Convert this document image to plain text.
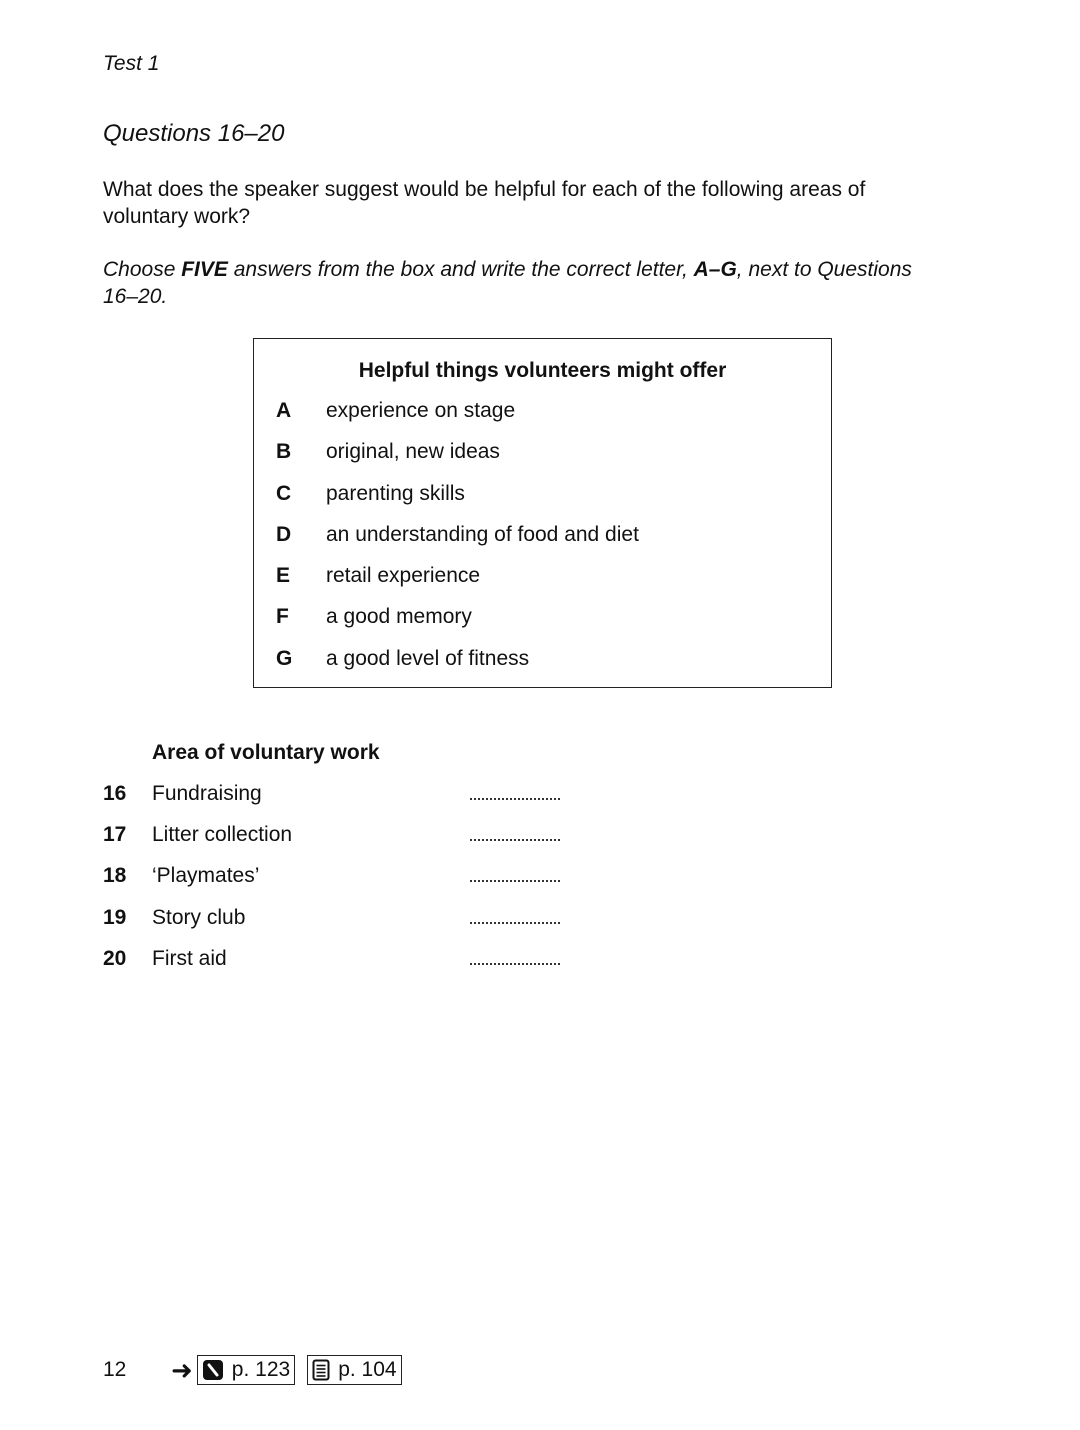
Test 1

Questions 16–20

What does the speaker suggest would be helpful for each of the following areas of voluntary work?

Choose FIVE answers from the box and write the correct letter, A–G, next to Questions 16–20.

Helpful things volunteers might offer

A	experience on stage
B	original, new ideas
C	parenting skills
D	an understanding of food and diet
E	retail experience
F	a good memory
G	a good level of fitness

Area of voluntary work

16	Fundraising
17	Litter collection
18	‘Playmates’
19	Story club
20	First aid
12	➜ p. 123 p. 104
